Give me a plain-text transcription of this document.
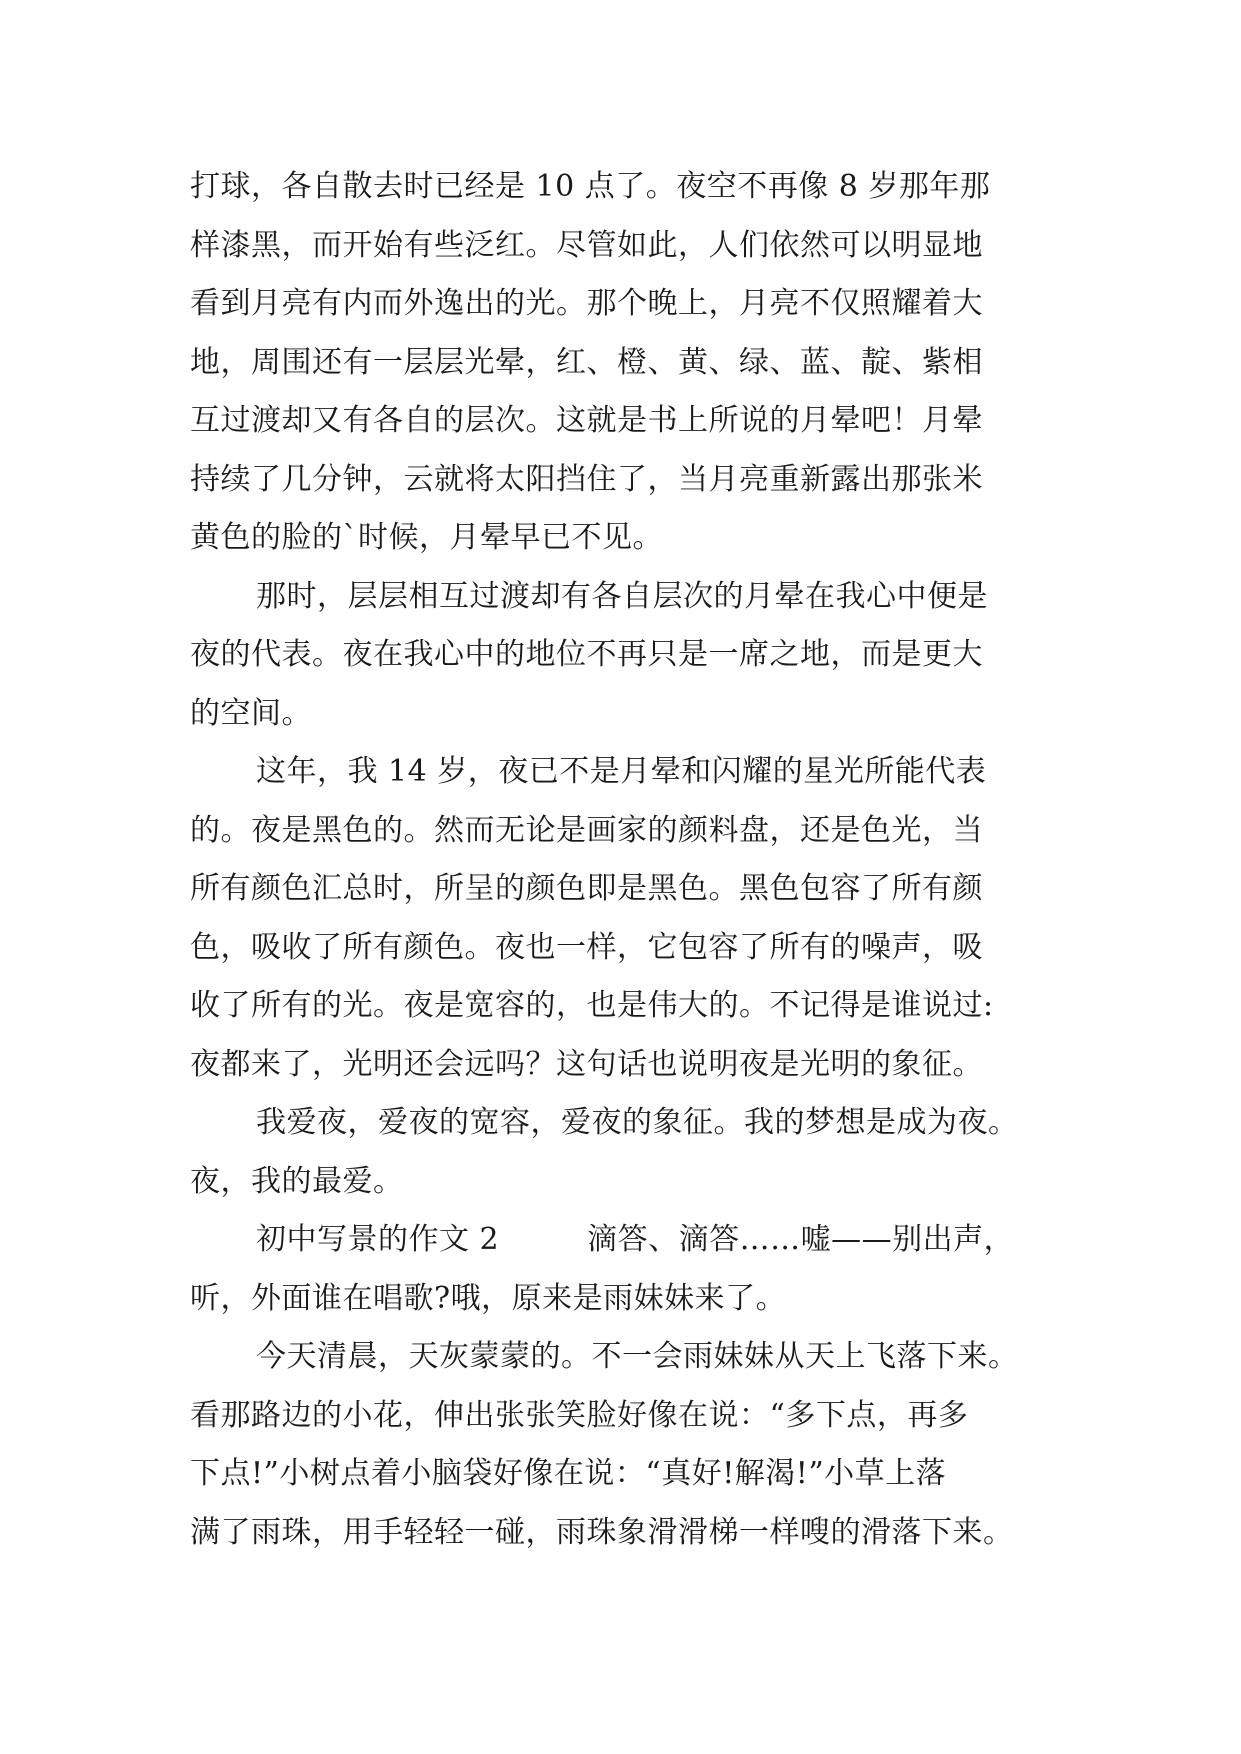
打球，各自散去时已经是 10 点了。夜空不再像 8 岁那年那
样漆黑，而开始有些泛红。尽管如此，人们依然可以明显地
看到月亮有内而外逸出的光。那个晚上，月亮不仅照耀着大
地，周围还有一层层光晕，红、橙、黄、绿、蓝、靛、紫相
互过渡却又有各自的层次。这就是书上所说的月晕吧！月晕
持续了几分钟，云就将太阳挡住了，当月亮重新露出那张米
黄色的脸的`时候，月晕早已不见。
那时，层层相互过渡却有各自层次的月晕在我心中便是
夜的代表。夜在我心中的地位不再只是一席之地，而是更大
的空间。
这年，我 14 岁，夜已不是月晕和闪耀的星光所能代表
的。夜是黑色的。然而无论是画家的颜料盘，还是色光，当
所有颜色汇总时，所呈的颜色即是黑色。黑色包容了所有颜
色，吸收了所有颜色。夜也一样，它包容了所有的噪声，吸
收了所有的光。夜是宽容的，也是伟大的。不记得是谁说过:
夜都来了，光明还会远吗？这句话也说明夜是光明的象征。
我爱夜，爱夜的宽容，爱夜的象征。我的梦想是成为夜。
夜，我的最爱。
初中写景的作文 2	滴答、滴答……嘘——别出声，
听，外面谁在唱歌?哦，原来是雨妹妹来了。
今天清晨，天灰蒙蒙的。不一会雨妹妹从天上飞落下来。
看那路边的小花，伸出张张笑脸好像在说：“多下点，再多
下点!”小树点着小脑袋好像在说：“真好!解渴!”小草上落
满了雨珠，用手轻轻一碰，雨珠象滑滑梯一样嗖的滑落下来。
